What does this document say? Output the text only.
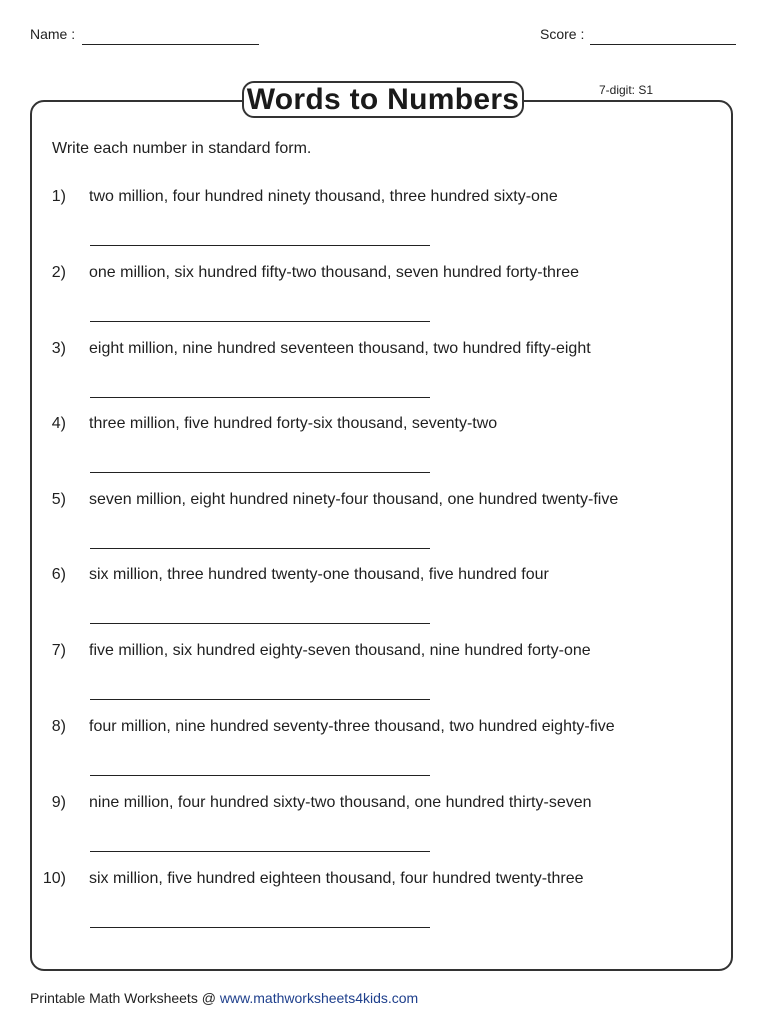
Name :	Score :
Words to Numbers	7-digit: S1
Write each number in standard form.
1) two million, four hundred ninety thousand, three hundred sixty-one
2) one million, six hundred fifty-two thousand, seven hundred forty-three
3) eight million, nine hundred seventeen thousand, two hundred fifty-eight
4) three million, five hundred forty-six thousand, seventy-two
5) seven million, eight hundred ninety-four thousand, one hundred twenty-five
6) six million, three hundred twenty-one thousand, five hundred four
7) five million, six hundred eighty-seven thousand, nine hundred forty-one
8) four million, nine hundred seventy-three thousand, two hundred eighty-five
9) nine million, four hundred sixty-two thousand, one hundred thirty-seven
10) six million, five hundred eighteen thousand, four hundred twenty-three
Printable Math Worksheets @ www.mathworksheets4kids.com
